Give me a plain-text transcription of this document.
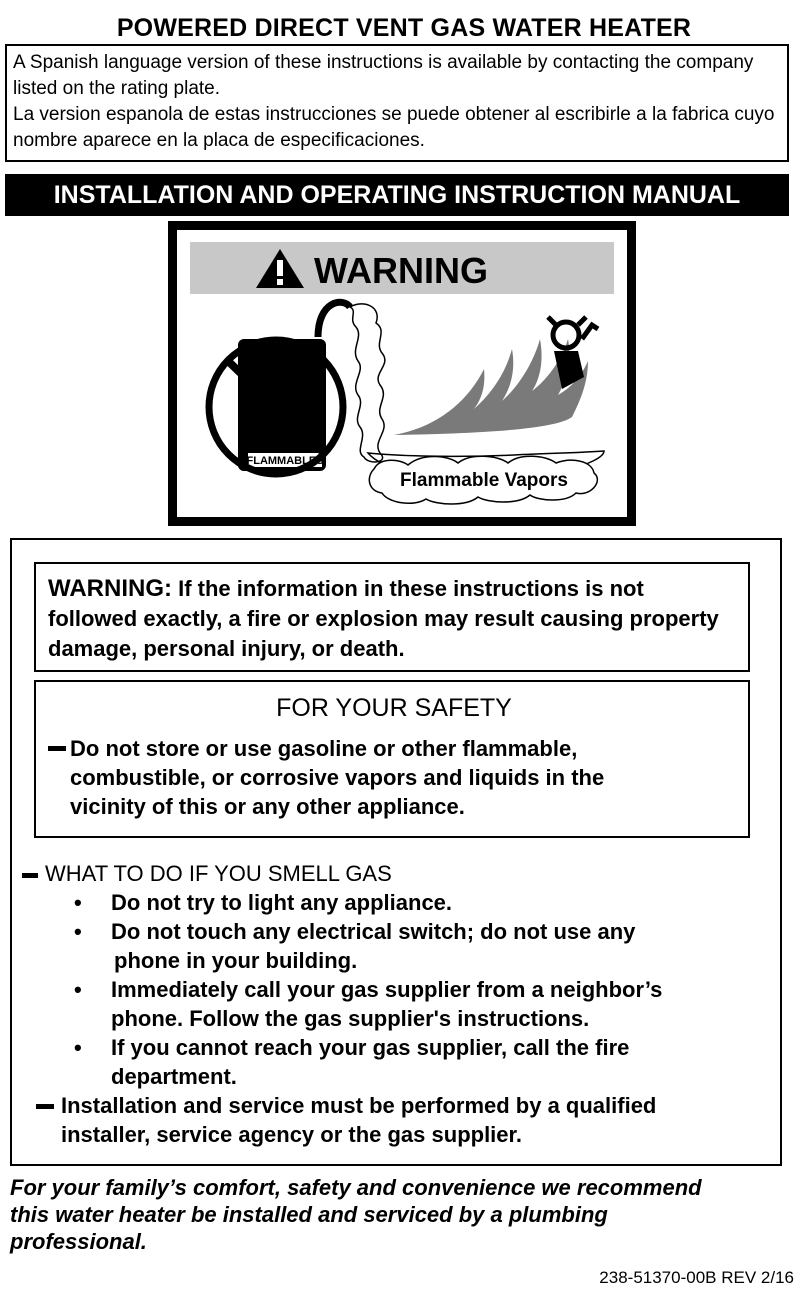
POWERED DIRECT VENT GAS WATER HEATER

A Spanish language version of these instructions is available by contacting the company listed on the rating plate.

La version espanola de estas instrucciones se puede obtener al escribirle a la fabrica cuyo nombre aparece en la placa de especificaciones.

INSTALLATION AND OPERATING INSTRUCTION MANUAL
WARNING
FLAMMABLES
Flammable Vapors
WARNING: If the information in these instructions is not followed exactly, a fire or explosion may result causing property damage, personal injury, or death.
FOR YOUR SAFETY
Do not store or use gasoline or other flammable,
combustible, or corrosive vapors and liquids in the
vicinity of this or any other appliance.
WHAT TO DO IF YOU SMELL GAS
• Do not try to light any appliance.
• Do not touch any electrical switch; do not use any
phone in your building.
• Immediately call your gas supplier from a neighbor’s
phone. Follow the gas supplier's instructions.
• If you cannot reach your gas supplier, call the fire
department.
Installation and service must be performed by a qualified
installer, service agency or the gas supplier.
For your family’s comfort, safety and convenience we recommend
this water heater be installed and serviced by a plumbing
professional.
238-51370-00B REV 2/16
